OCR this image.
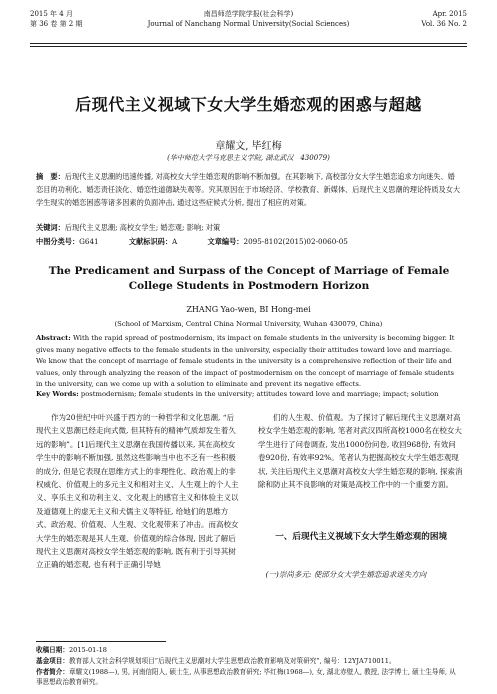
2015 年 4 月
第 36 卷 第 2 期
南昌师范学院学报(社会科学)
Journal of Nanchang Normal University(Social Sciences)
Apr. 2015
Vol. 36 No. 2
后现代主义视域下女大学生婚恋观的困惑与超越
章耀文, 毕红梅
(华中师范大学马克思主义学院, 湖北武汉　430079)
摘　要：后现代主义思潮的迅速传播, 对高校女大学生婚恋观的影响不断加强。在其影响下, 高校部分女大学生婚恋追求方向迷失、婚恋目的功利化、婚恋责任淡化、婚恋性道德缺失观等。究其原因在于市场经济、学校教育、新媒体、后现代主义思潮的理论特质及女大学生现实的婚恋困惑等诸多因素的负面冲击, 通过这些症候式分析, 提出了相应的对策。
关键词：后现代主义思潮; 高校女学生; 婚恋观; 影响; 对策
中图分类号：G641	文献标识码：A	文章编号：2095-8102(2015)02-0060-05
The Predicament and Surpass of the Concept of Marriage of Female College Students in Postmodern Horizon
ZHANG Yao-wen, BI Hong-mei
(School of Marxism, Central China Normal University, Wuhan 430079, China)
Abstract: With the rapid spread of postmodernism, its impact on female students in the university is becoming bigger. It gives many negative effects to the female students in the university, especially their attitudes toward love and marriage. We know that the concept of marriage of female students in the university is a comprehensive reflection of their life and values, only through analyzing the reason of the impact of postmodernism on the concept of marriage of female students in the university, can we come up with a solution to eliminate and prevent its negative effects.
Key Words: postmodernism; female students in the university; attitudes toward love and marriage; impact; solution
作为20世纪中叶兴盛于西方的一种哲学和文化思潮, “后现代主义思潮已经走向式微, 但其特有的精神气质却发生着久远的影响”。[1]后现代主义思潮在我国传播以来, 其在高校女学生中的影响不断加强, 虽然这些影响当中也不乏有一些积极的成分, 但是它表现在思维方式上的非理性化、政治观上的非权威化、价值观上的多元主义和相对主义、人生观上的个人主义、享乐主义和功利主义、文化观上的感官主义和体验主义以及道德观上的虚无主义和犬儒主义等特征, 给她们的思维方式、政治观、价值观、人生观、文化观带来了冲击。而高校女大学生的婚恋观是其人生观、价值观的综合体现, 因此了解后现代主义思潮对高校女学生婚恋观的影响, 既有利于引导其树立正确的婚恋观, 也有利于正确引导她
们的人生观、价值观。为了探讨了解后现代主义思潮对高校女学生婚恋观的影响, 笔者对武汉四所高校1000名在校女大学生进行了问卷调查, 发出1000份问卷, 收回968份, 有效问卷920份, 有效率92%。笔者认为把握高校女大学生婚恋观现状, 关注后现代主义思潮对高校女大学生婚恋观的影响, 探索消除和防止其不良影响的对策是高校工作中的一个重要方面。
一、后现代主义视域下女大学生婚恋观的困境
(一)崇尚多元: 使部分女大学生婚恋追求迷失方向
收稿日期：2015-01-18
基金项目：教育部人文社会科学规划项目“后现代主义思潮对大学生思想政治教育影响及对策研究”, 编号：12YJA710011。
作者简介：章耀文(1988—), 男, 河南信阳人, 硕士生, 从事思想政治教育研究; 毕红梅(1968—), 女, 湖北赤壁人, 教授, 法学博士, 硕士生导师, 从事思想政治教育研究。
